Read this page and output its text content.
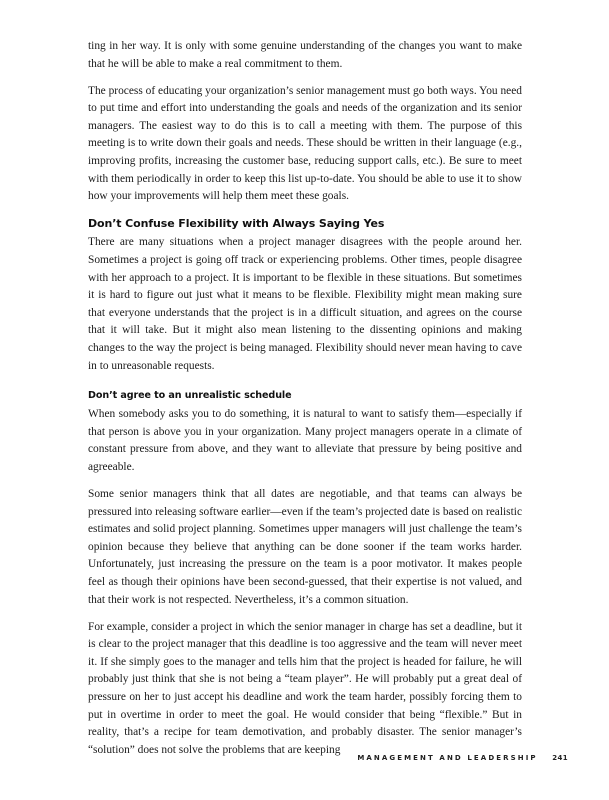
ting in her way. It is only with some genuine understanding of the changes you want to make that he will be able to make a real commitment to them.

The process of educating your organization’s senior management must go both ways. You need to put time and effort into understanding the goals and needs of the organization and its senior managers. The easiest way to do this is to call a meeting with them. The purpose of this meeting is to write down their goals and needs. These should be written in their language (e.g., improving profits, increasing the customer base, reducing support calls, etc.). Be sure to meet with them periodically in order to keep this list up-to-date. You should be able to use it to show how your improvements will help them meet these goals.

Don’t Confuse Flexibility with Always Saying Yes

There are many situations when a project manager disagrees with the people around her. Sometimes a project is going off track or experiencing problems. Other times, people disagree with her approach to a project. It is important to be flexible in these situations. But sometimes it is hard to figure out just what it means to be flexible. Flexibility might mean making sure that everyone understands that the project is in a difficult situation, and agrees on the course that it will take. But it might also mean listening to the dissenting opinions and making changes to the way the project is being managed. Flexibility should never mean having to cave in to unreasonable requests.

Don’t agree to an unrealistic schedule

When somebody asks you to do something, it is natural to want to satisfy them—especially if that person is above you in your organization. Many project managers operate in a climate of constant pressure from above, and they want to alleviate that pressure by being positive and agreeable.

Some senior managers think that all dates are negotiable, and that teams can always be pressured into releasing software earlier—even if the team’s projected date is based on realistic estimates and solid project planning. Sometimes upper managers will just challenge the team’s opinion because they believe that anything can be done sooner if the team works harder. Unfortunately, just increasing the pressure on the team is a poor motivator. It makes people feel as though their opinions have been second-guessed, that their expertise is not valued, and that their work is not respected. Nevertheless, it’s a common situation.

For example, consider a project in which the senior manager in charge has set a deadline, but it is clear to the project manager that this deadline is too aggressive and the team will never meet it. If she simply goes to the manager and tells him that the project is headed for failure, he will probably just think that she is not being a “team player”. He will probably put a great deal of pressure on her to just accept his deadline and work the team harder, possibly forcing them to put in overtime in order to meet the goal. He would consider that being “flexible.” But in reality, that’s a recipe for team demotivation, and probably disaster. The senior manager’s “solution” does not solve the problems that are keeping

MANAGEMENT AND LEADERSHIP 241
